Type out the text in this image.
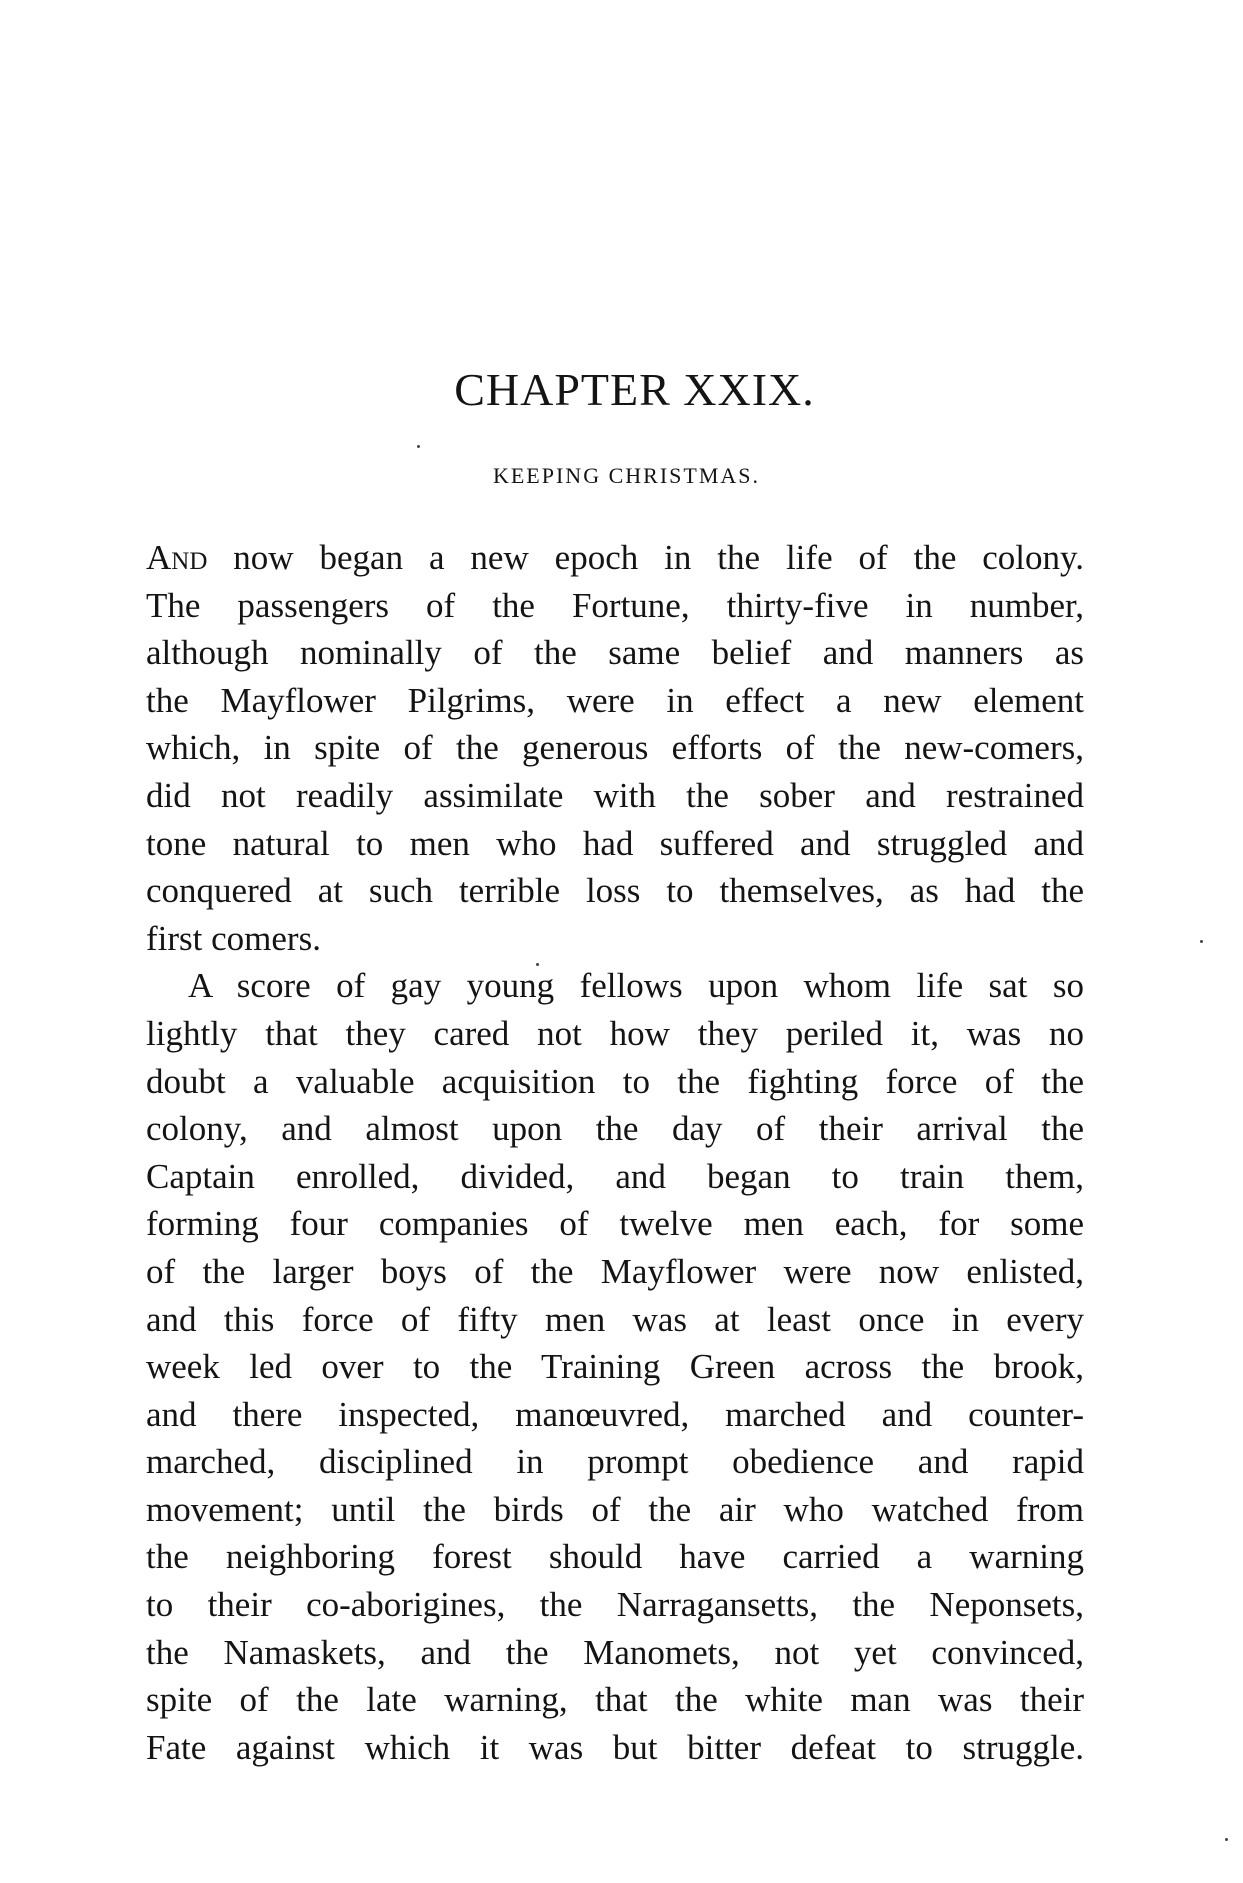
CHAPTER XXIX.
KEEPING CHRISTMAS.
And now began a new epoch in the life of the colony.
The passengers of the Fortune, thirty-five in number,
although nominally of the same belief and manners as
the Mayflower Pilgrims, were in effect a new element
which, in spite of the generous efforts of the new-comers,
did not readily assimilate with the sober and restrained
tone natural to men who had suffered and struggled and
conquered at such terrible loss to themselves, as had the
first comers.
A score of gay young fellows upon whom life sat so
lightly that they cared not how they periled it, was no
doubt a valuable acquisition to the fighting force of the
colony, and almost upon the day of their arrival the
Captain enrolled, divided, and began to train them,
forming four companies of twelve men each, for some
of the larger boys of the Mayflower were now enlisted,
and this force of fifty men was at least once in every
week led over to the Training Green across the brook,
and there inspected, manœuvred, marched and counter-
marched, disciplined in prompt obedience and rapid
movement; until the birds of the air who watched from
the neighboring forest should have carried a warning
to their co-aborigines, the Narragansetts, the Neponsets,
the Namaskets, and the Manomets, not yet convinced,
spite of the late warning, that the white man was their
Fate against which it was but bitter defeat to struggle.
